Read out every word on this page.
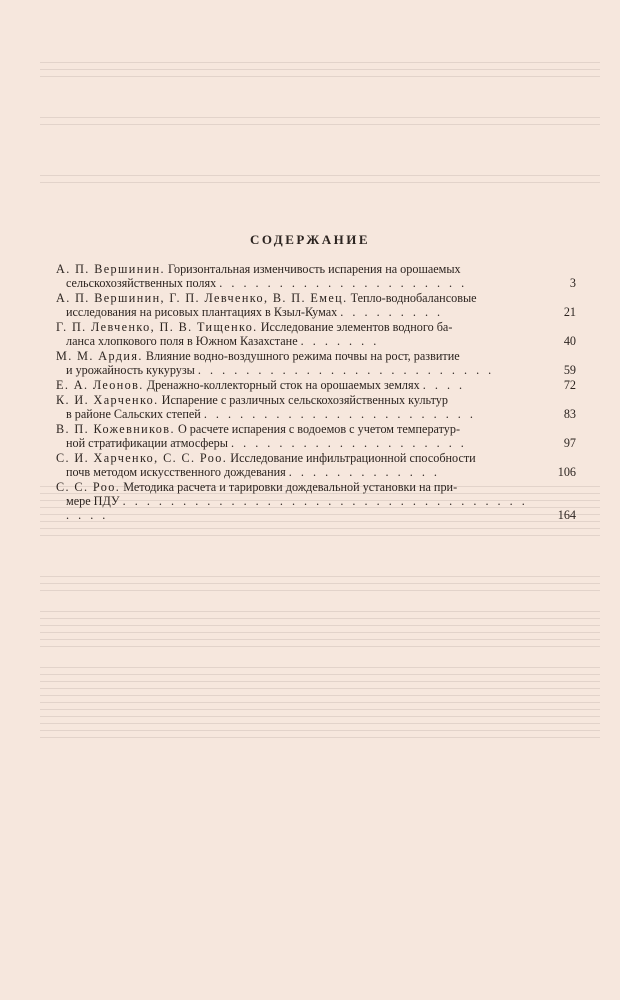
СОДЕРЖАНИЕ
А. П. Вершинин. Горизонтальная изменчивость испарения на орошаемых
сельскохозяйственных полях . . . . . . . . . . . . . . . . . . . . .	3
А. П. Вершинин, Г. П. Левченко, В. П. Емец. Тепло-воднобалансовые
исследования на рисовых плантациях в Кзыл-Кумах . . . . . . . . .	21
Г. П. Левченко, П. В. Тищенко. Исследование элементов водного ба-
ланса хлопкового поля в Южном Казахстане . . . . . . .	40
М. М. Ардия. Влияние водно-воздушного режима почвы на рост, развитие
и урожайность кукурузы . . . . . . . . . . . . . . . . . . . . . . . . .	59
Е. А. Леонов. Дренажно-коллекторный сток на орошаемых землях . . . .	72
К. И. Харченко. Испарение с различных сельскохозяйственных культур
в районе Сальских степей . . . . . . . . . . . . . . . . . . . . . . .	83
В. П. Кожевников. О расчете испарения с водоемов с учетом температур-
ной стратификации атмосферы . . . . . . . . . . . . . . . . . . . .	97
С. И. Харченко, С. С. Роо. Исследование инфильтрационной способности
почв методом искусственного дождевания . . . . . . . . . . . . .	106
С. С. Роо. Методика расчета и тарировки дождевальной установки на при-
мере ПДУ . . . . . . . . . . . . . . . . . . . . . . . . . . . . . . . . . . . . . .	164
